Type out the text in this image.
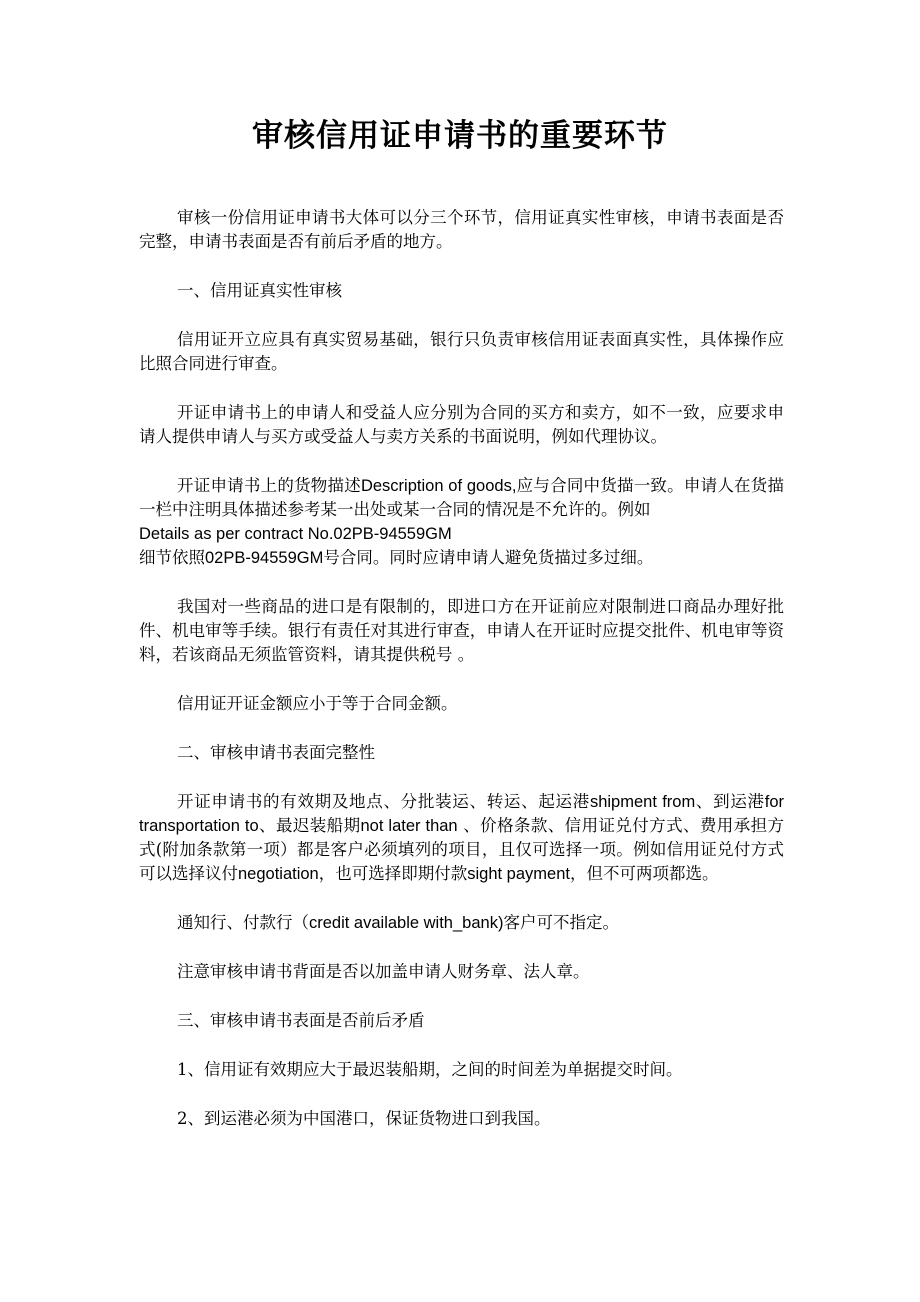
审核信用证申请书的重要环节

审核一份信用证申请书大体可以分三个环节，信用证真实性审核，申请书表面是否完整，申请书表面是否有前后矛盾的地方。

一、信用证真实性审核

信用证开立应具有真实贸易基础，银行只负责审核信用证表面真实性，具体操作应比照合同进行审查。

开证申请书上的申请人和受益人应分别为合同的买方和卖方，如不一致，应要求申请人提供申请人与买方或受益人与卖方关系的书面说明，例如代理协议。

开证申请书上的货物描述Description of goods,应与合同中货描一致。申请人在货描一栏中注明具体描述参考某一出处或某一合同的情况是不允许的。例如
Details as per contract No.02PB-94559GM
细节依照02PB-94559GM号合同。同时应请申请人避免货描过多过细。

我国对一些商品的进口是有限制的，即进口方在开证前应对限制进口商品办理好批件、机电审等手续。银行有责任对其进行审查，申请人在开证时应提交批件、机电审等资料，若该商品无须监管资料，请其提供税号 。

信用证开证金额应小于等于合同金额。

二、审核申请书表面完整性

开证申请书的有效期及地点、分批装运、转运、起运港shipment from、到运港for transportation to、最迟装船期not later than 、价格条款、信用证兑付方式、费用承担方式(附加条款第一项）都是客户必须填列的项目，且仅可选择一项。例如信用证兑付方式可以选择议付negotiation，也可选择即期付款sight payment，但不可两项都选。

通知行、付款行（credit available with_bank)客户可不指定。

注意审核申请书背面是否以加盖申请人财务章、法人章。

三、审核申请书表面是否前后矛盾

1、信用证有效期应大于最迟装船期，之间的时间差为单据提交时间。

2、到运港必须为中国港口，保证货物进口到我国。
